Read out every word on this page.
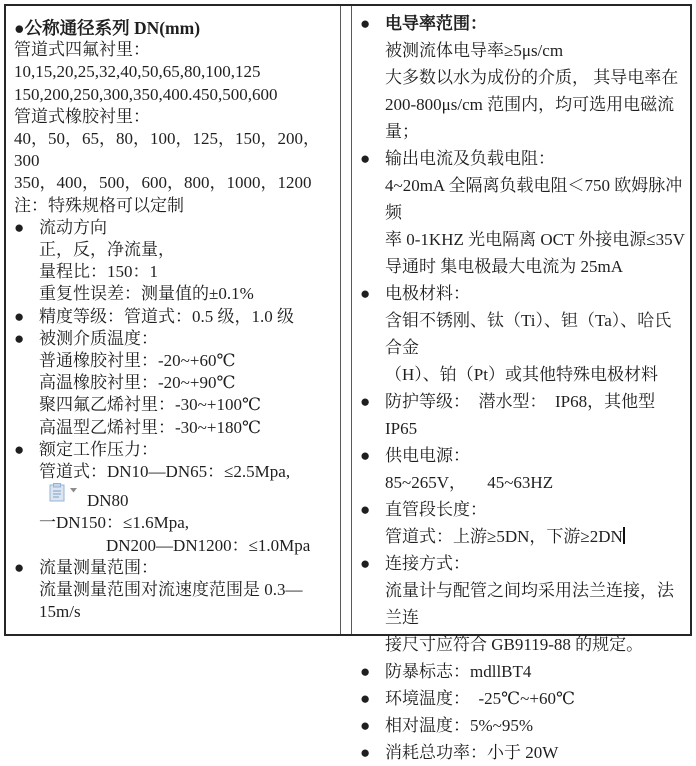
●公称通径系列 DN(mm)
管道式四氟衬里：
10,15,20,25,32,40,50,65,80,100,125
150,200,250,300,350,400.450,500,600
管道式橡胶衬里：
40，50，65，80，100，125，150，200，300
350，400，500，600，800，1000，1200
注：特殊规格可以定制
● 流动方向
正，反，净流量，
量程比：150：1
重复性误差：测量值的±0.1%
● 精度等级：管道式：0.5 级，1.0 级
● 被测介质温度：
普通橡胶衬里：-20~+60℃
高温橡胶衬里：-20~+90℃
聚四氟乙烯衬里：-30~+100℃
高温型乙烯衬里：-30~+180℃
● 额定工作压力：
管道式：DN10—DN65：≤2.5Mpa,DN80
一DN150：≤1.6Mpa,
DN200—DN1200：≤1.0Mpa
● 流量测量范围：
流量测量范围对流速度范围是 0.3—15m/s
● 电导率范围：
被测流体电导率≥5μs/cm
大多数以水为成份的介质， 其导电率在
200-800μs/cm 范围内，均可选用电磁流量；
● 输出电流及负载电阻：
4~20mA 全隔离负载电阻＜750 欧姆脉冲频
率 0-1KHZ 光电隔离 OCT 外接电源≤35V
导通时 集电极最大电流为 25mA
● 电极材料：
含钼不锈刚、钛（Ti）、钽（Ta）、哈氏合金
（H）、铂（Pt）或其他特殊电极材料
● 防护等级：  潜水型：  IP68，其他型 IP65
● 供电电源：
85~265V，     45~63HZ
● 直管段长度：
管道式：上游≥5DN，下游≥2DN
● 连接方式：
流量计与配管之间均采用法兰连接，法兰连
接尺寸应符合 GB9119-88 的规定。
● 防暴标志：mdllBT4
● 环境温度：  -25℃~+60℃
● 相对温度：5%~95%
● 消耗总功率：小于 20W
